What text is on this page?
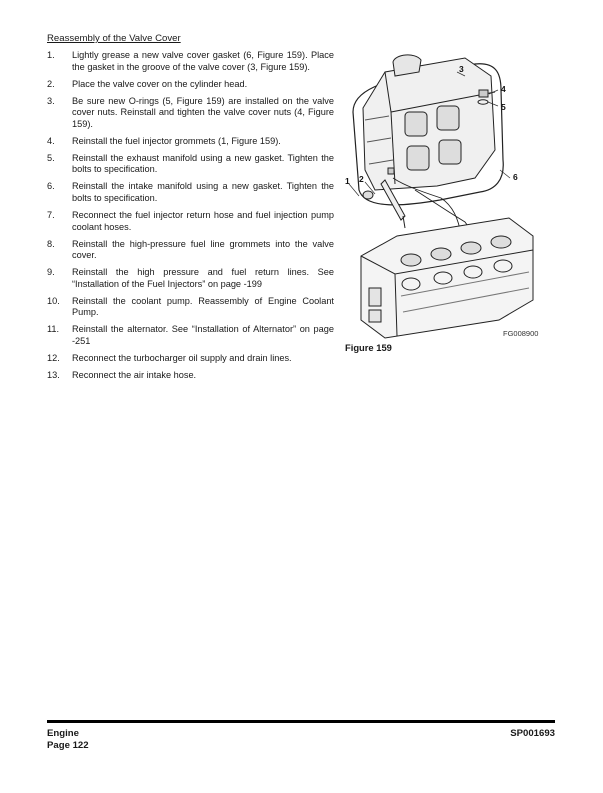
Reassembly of the Valve Cover
1. Lightly grease a new valve cover gasket (6, Figure 159). Place the gasket in the groove of the valve cover (3, Figure 159).
2. Place the valve cover on the cylinder head.
3. Be sure new O-rings (5, Figure 159) are installed on the valve cover nuts. Reinstall and tighten the valve cover nuts (4, Figure 159).
4. Reinstall the fuel injector grommets (1, Figure 159).
5. Reinstall the exhaust manifold using a new gasket. Tighten the bolts to specification.
6. Reinstall the intake manifold using a new gasket. Tighten the bolts to specification.
7. Reconnect the fuel injector return hose and fuel injection pump coolant hoses.
8. Reinstall the high-pressure fuel line grommets into the valve cover.
9. Reinstall the high pressure and fuel return lines. See “Installation of the Fuel Injectors” on page -199
10. Reinstall the coolant pump. Reassembly of Engine Coolant Pump.
11. Reinstall the alternator. See “Installation of Alternator” on page -251
12. Reconnect the turbocharger oil supply and drain lines.
13. Reconnect the air intake hose.
3
4
5
6
2
1
FG008900
Figure 159
Engine
Page 122
SP001693
